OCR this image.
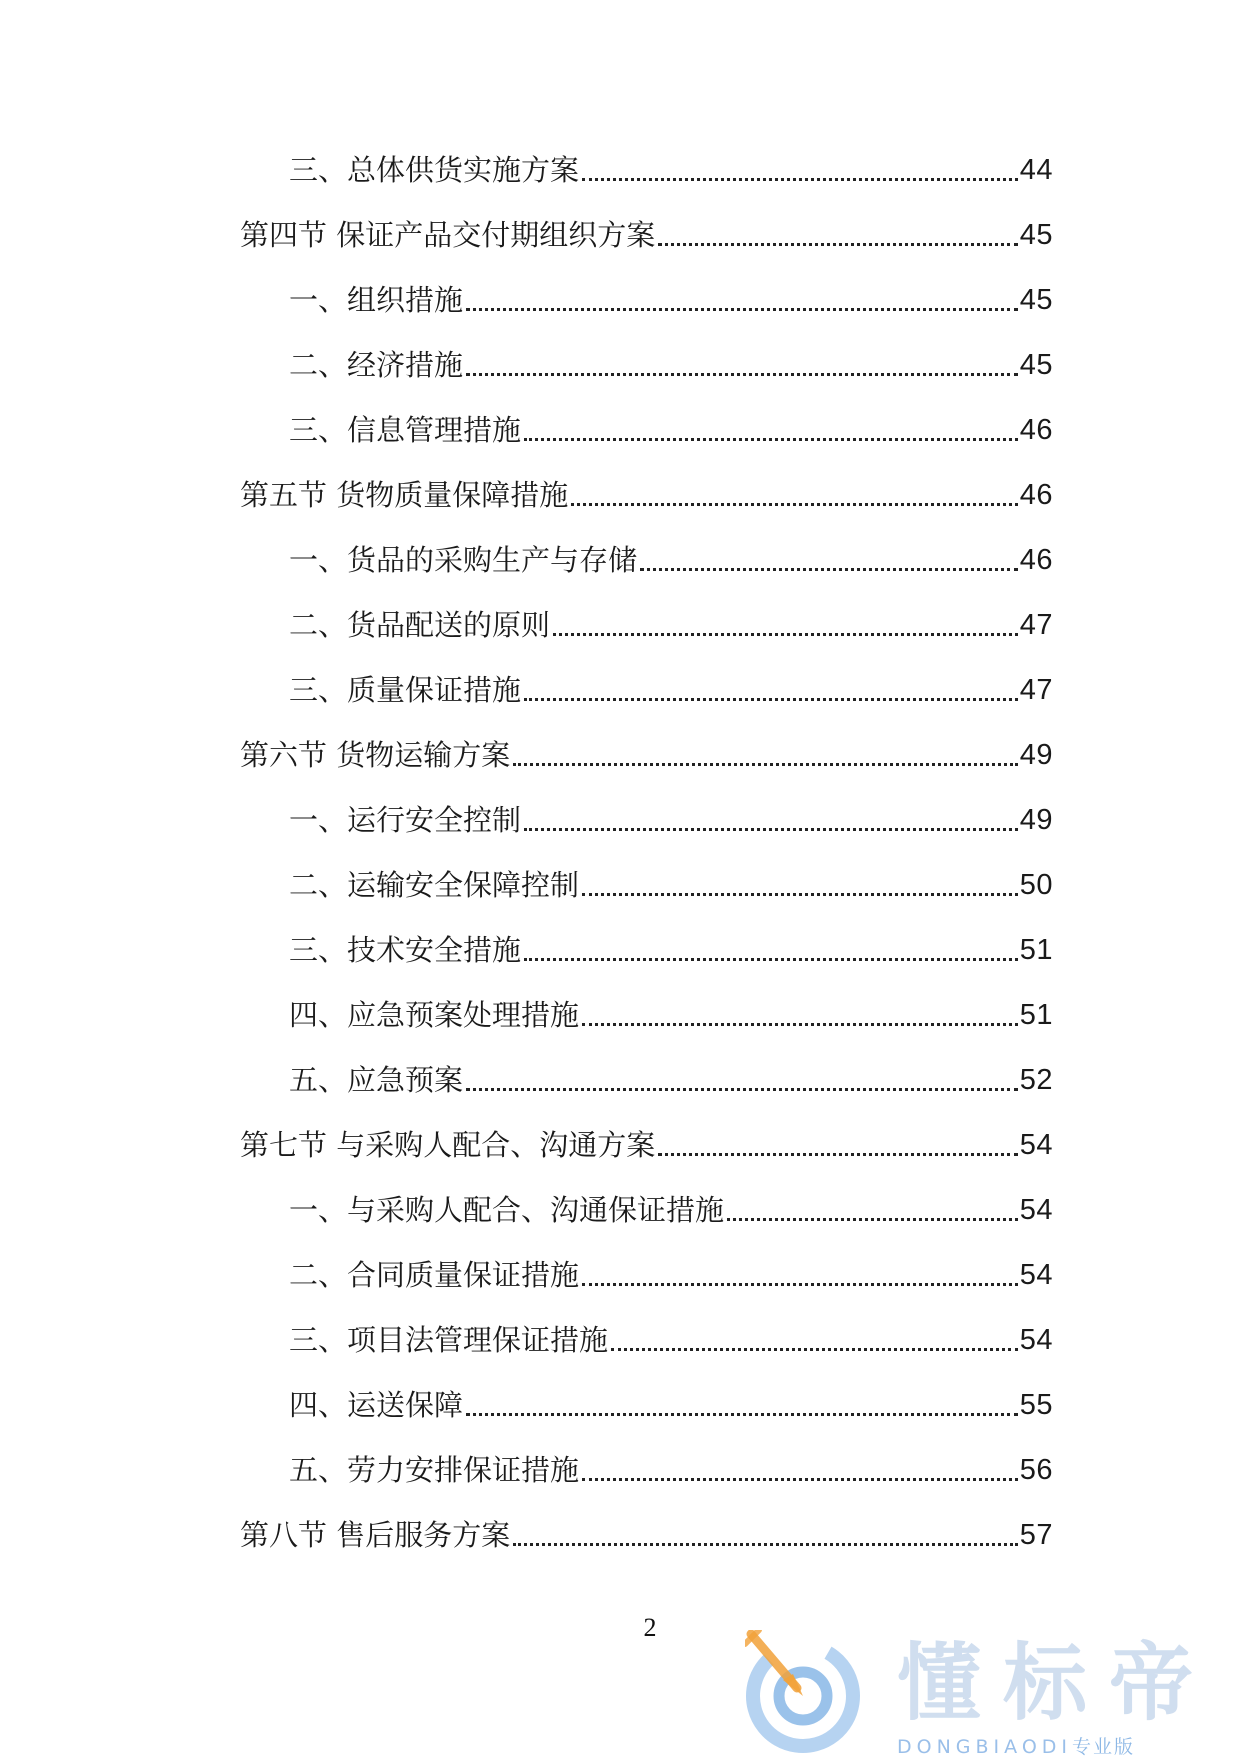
三、总体供货实施方案	44
第四节 保证产品交付期组织方案	45
一、组织措施	45
二、经济措施	45
三、信息管理措施	46
第五节 货物质量保障措施	46
一、货品的采购生产与存储	46
二、货品配送的原则	47
三、质量保证措施	47
第六节 货物运输方案	49
一、运行安全控制	49
二、运输安全保障控制	50
三、技术安全措施	51
四、应急预案处理措施	51
五、应急预案	52
第七节 与采购人配合、沟通方案	54
一、与采购人配合、沟通保证措施	54
二、合同质量保证措施	54
三、项目法管理保证措施	54
四、运送保障	55
五、劳力安排保证措施	56
第八节 售后服务方案	57
2
懂标帝
DONGBIAODI专业版
